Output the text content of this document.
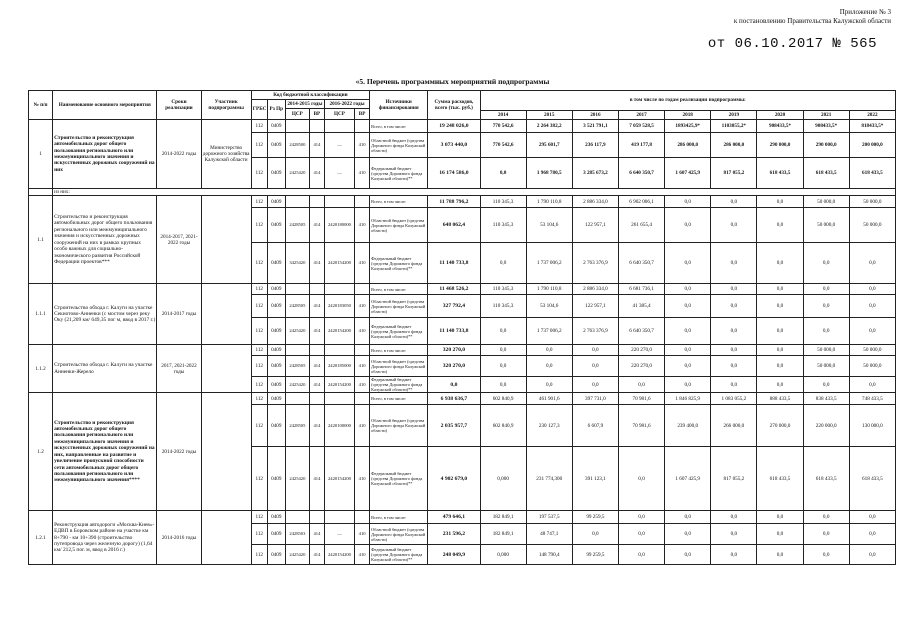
Приложение № 3
к постановлению Правительства Калужской области
от 06.10.2017 № 565
«5. Перечень программных мероприятий подпрограммы
№ п/п	Наименование основного мероприятия	Сроки реализации	Участник подпрограммы	Код бюджетной классификации						Источники финансирования	Сумма расходов, всего (тыс. руб.)	в том числе по годам реализации подпрограммы:								
				ГРБС	Рз Пр	2014-2015 годы		2016-2022 годы												
						ЦСР	ВР	ЦСР	ВР											
												2014	2015	2016	2017	2018	2019	2020	2021	2022
1	Строительство и реконструкция автомобильных дорог общего пользования регионального или межмуниципального значения и искусственных дорожных сооружений на них	2014-2022 годы	Министерство дорожного хозяйства Калужской области	112	0409					Всего, в том числе:	19 248 026,0	770 542,6	2 264 382,2	3 521 791,1	7 059 528,5	1893425,9*	1103055,2*	908433,5*	908433,5*	818433,5*
				112	0409	2428500	414	—	410	Областной бюджет (средства Дорожного фонда Калужской области)	3 073 440,0	770 542,6	295 601,7	236 117,9	419 177,8	286 000,0	286 000,0	290 000,0	290 000,0	200 000,0
				112	0409	2425420	414	—	410	Федеральный бюджет (средства Дорожного фонда Калужской области)**	16 174 586,0	0,0	1 968 780,5	3 285 673,2	6 640 350,7	1 607 425,9	817 055,2	618 433,5	618 433,5	618 433,5
	из них:																			
1.1	Строительство и реконструкция автомобильных дорог общего пользования регионального или межмуниципального значения и искусственных дорожных сооружений на них в рамках крупных особо важных для социально-экономического развития Российской Федерации проектов***	2014-2017, 2021-2022 годы		112	0409					Всего, в том числе:	11 788 796,2	110 345,3	1 790 110,8	2 886 334,0	6 902 006,1	0,0	0,0	0,0	50 000,0	50 000,0
				112	0409	2428505	414	2420180000	410	Областной бюджет (средства Дорожного фонда Калужской области)	648 062,4	110 345,3	53 104,6	122 957,1	261 655,4	0,0	0,0	0,0	50 000,0	50 000,0
				112	0409	3425420	414	2420154200	410	Федеральный бюджет (средства Дорожного фонда Калужской области)**	11 140 733,8	0,0	1 737 006,2	2 763 376,9	6 640 350,7	0,0	0,0	0,0	0,0	0,0
1.1.1	Строительство обхода г. Калуги на участке Секиотово-Анненки (с мостом через реку Оку (21,209 км/ 649,35 пог м, ввод в 2017 г.)	2014-2017 годы		112	0409					Всего, в том числе:	11 468 526,2	110 345,3	1 790 110,8	2 886 334,0	6 681 736,1	0,0	0,0	0,0	0,0	0,0
				112	0409	2428505	414	2420183050	410	Областной бюджет (средства Дорожного фонда Калужской области)	327 792,4	110 345,3	53 104,6	122 957,1	41 385,4	0,0	0,0	0,0	0,0	0,0
				112	0409	2425420	414	2420154200	410	Федеральный бюджет (средства Дорожного фонда Калужской области)**	11 140 733,8	0,0	1 737 006,2	2 763 376,9	6 640 350,7	0,0	0,0	0,0	0,0	0,0
1.1.2	Строительство обхода г. Калуги на участке Анненки-Жерело	2017, 2021-2022 годы		112	0409					Всего, в том числе:	320 270,0	0,0	0,0	0,0	220 270,0	0,0	0,0	0,0	50 000,0	50 000,0
				112	0409	2428505	414	2420185000	410	Областной бюджет (средства Дорожного фонда Калужской области)	320 270,0	0,0	0,0	0,0	220 270,0	0,0	0,0	0,0	50 000,0	50 000,0
				112	0409	2425420	414	2420154200	410	Федеральный бюджет (средства Дорожного фонда Калужской области)**	0,0	0,0	0,0	0,0	0,0	0,0	0,0	0,0	0,0	0,0
1.2	Строительство и реконструкция автомобильных дорог общего пользования регионального или межмуниципального значения и искусственных дорожных сооружений на них, направленные на развитие и увеличение пропускной способности сети автомобильных дорог общего пользования регионального или межмуниципального значения****	2014-2022 годы		112	0409					Всего, в том числе:	6 938 636,7	602 840,9	461 901,6	397 731,0	70 981,6	1 846 825,9	1 083 055,2	888 433,5	838 433,5	748 433,5
				112	0409	2428505	414	2420100000	410	Областной бюджет (средства Дорожного фонда Калужской области)	2 035 957,7	602 840,9	230 127,3	6 607,9	70 981,6	239 400,0	266 000,0	270 000,0	220 000,0	130 000,0
				112	0409	2425420	414	2420154200	410	Федеральный бюджет (средства Дорожного фонда Калужской области)**	4 902 679,0	0,000	231 774,300	391 123,1	0,0	1 607 425,9	817 055,2	618 433,5	618 433,5	618 433,5
1.2.1	Реконструкция автодороги «Москва-Киев»-ЕДВП в Боровском районе на участке км 8+790 - км 10+390 (строительство путепровода через железную дорогу) (1,64 км/ 212,5 пог. м, ввод в 2016 г.)	2014-2016 годы		112	0409					Всего, в том числе:	479 646,1	182 849,1	197 537,5	99 259,5	0,0	0,0	0,0	0,0	0,0	0,0
				112	0409	2428503	414	—	410	Областной бюджет (средства Дорожного фонда Калужской области)	231 596,2	182 849,1	48 747,1	0,0	0,0	0,0	0,0	0,0	0,0	0,0
				112	0409	2425420	414	2420154200	410	Федеральный бюджет (средства Дорожного фонда Калужской области)**	248 049,9	0,000	148 790,4	99 259,5	0,0	0,0	0,0	0,0	0,0	0,0
